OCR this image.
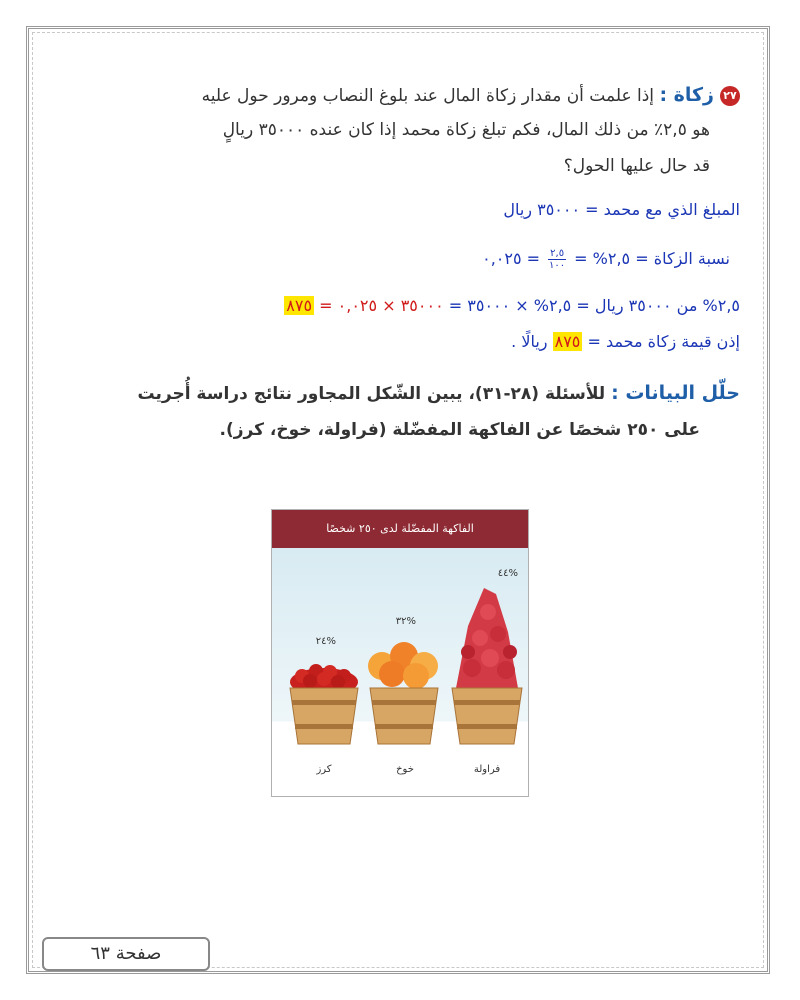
٢٧زكاة : إذا علمت أن مقدار زكاة المال عند بلوغ النصاب ومرور حول عليه
هو ٢,٥٪ من ذلك المال، فكم تبلغ زكاة محمد إذا كان عنده ٣٥٠٠٠ ريالٍ
قد حال عليها الحول؟
المبلغ الذي مع محمد = ٣٥٠٠٠ ريال
نسبة الزكاة = ٢,٥% =
$\frac{٢,٥}{١٠٠}$ = ٠,٠٢٥
٢,٥% من ٣٥٠٠٠ ريال = ٢,٥% × ٣٥٠٠٠ = ٣٥٠٠٠ × ٠,٠٢٥ = ٨٧٥
إذن قيمة زكاة محمد = ٨٧٥ ريالًا .
حلّل البيانات : للأسئلة (٢٨-٣١)، يبين الشّكل المجاور نتائج دراسة أُجريت
على ٢٥٠ شخصًا عن الفاكهة المفضّلة (فراولة، خوخ، كرز).
الفاكهة المفضّلة لدى ٢٥٠ شخصًا
%٤٤
%٣٢
%٢٤
فراولة
خوخ
كرز
صفحة ٦٣
